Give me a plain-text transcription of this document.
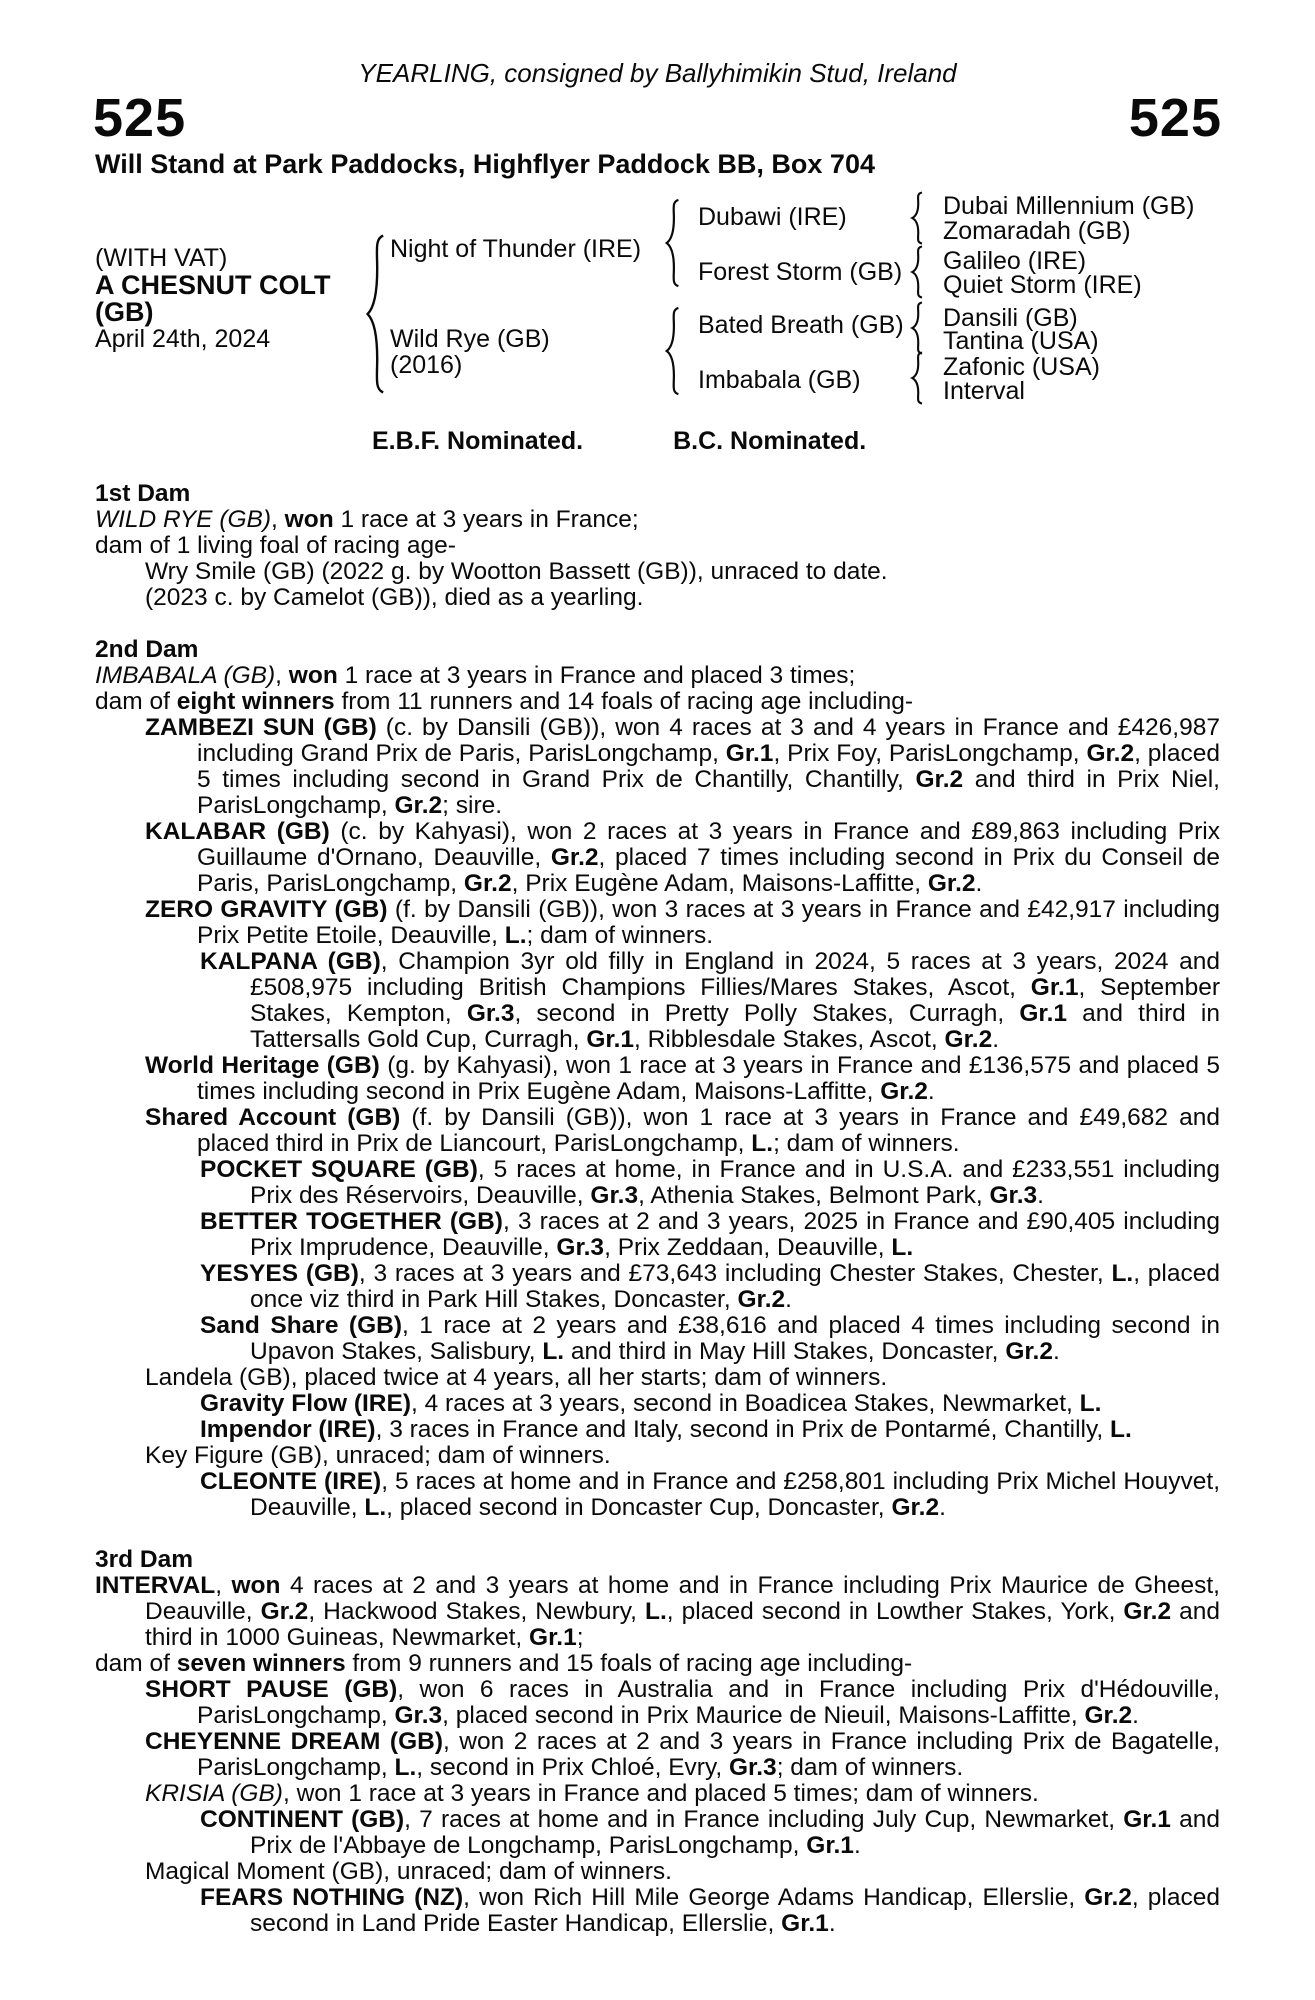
YEARLING, consigned by Ballyhimikin Stud, Ireland
525	525
Will Stand at Park Paddocks, Highflyer Paddock BB, Box 704
(WITH VAT)
A CHESNUT COLT
(GB)
April 24th, 2024
Night of Thunder (IRE)
Wild Rye (GB)
(2016)
Dubawi (IRE)
Forest Storm (GB)
Bated Breath (GB)
Imbabala (GB)
Dubai Millennium (GB)
Zomaradah (GB)
Galileo (IRE)
Quiet Storm (IRE)
Dansili (GB)
Tantina (USA)
Zafonic (USA)
Interval
E.B.F. Nominated.	B.C. Nominated.
1st Dam
WILD RYE (GB), won 1 race at 3 years in France;
dam of 1 living foal of racing age-
Wry Smile (GB) (2022 g. by Wootton Bassett (GB)), unraced to date.
(2023 c. by Camelot (GB)), died as a yearling.
2nd Dam
IMBABALA (GB), won 1 race at 3 years in France and placed 3 times;
dam of eight winners from 11 runners and 14 foals of racing age including-
ZAMBEZI SUN (GB) (c. by Dansili (GB)), won 4 races at 3 and 4 years in France and £426,987 including Grand Prix de Paris, ParisLongchamp, Gr.1, Prix Foy, ParisLongchamp, Gr.2, placed 5 times including second in Grand Prix de Chantilly, Chantilly, Gr.2 and third in Prix Niel, ParisLongchamp, Gr.2; sire.
KALABAR (GB) (c. by Kahyasi), won 2 races at 3 years in France and £89,863 including Prix Guillaume d'Ornano, Deauville, Gr.2, placed 7 times including second in Prix du Conseil de Paris, ParisLongchamp, Gr.2, Prix Eugène Adam, Maisons-Laffitte, Gr.2.
ZERO GRAVITY (GB) (f. by Dansili (GB)), won 3 races at 3 years in France and £42,917 including Prix Petite Etoile, Deauville, L.; dam of winners.
KALPANA (GB), Champion 3yr old filly in England in 2024, 5 races at 3 years, 2024 and £508,975 including British Champions Fillies/Mares Stakes, Ascot, Gr.1, September Stakes, Kempton, Gr.3, second in Pretty Polly Stakes, Curragh, Gr.1 and third in Tattersalls Gold Cup, Curragh, Gr.1, Ribblesdale Stakes, Ascot, Gr.2.
World Heritage (GB) (g. by Kahyasi), won 1 race at 3 years in France and £136,575 and placed 5 times including second in Prix Eugène Adam, Maisons-Laffitte, Gr.2.
Shared Account (GB) (f. by Dansili (GB)), won 1 race at 3 years in France and £49,682 and placed third in Prix de Liancourt, ParisLongchamp, L.; dam of winners.
POCKET SQUARE (GB), 5 races at home, in France and in U.S.A. and £233,551 including Prix des Réservoirs, Deauville, Gr.3, Athenia Stakes, Belmont Park, Gr.3.
BETTER TOGETHER (GB), 3 races at 2 and 3 years, 2025 in France and £90,405 including Prix Imprudence, Deauville, Gr.3, Prix Zeddaan, Deauville, L.
YESYES (GB), 3 races at 3 years and £73,643 including Chester Stakes, Chester, L., placed once viz third in Park Hill Stakes, Doncaster, Gr.2.
Sand Share (GB), 1 race at 2 years and £38,616 and placed 4 times including second in Upavon Stakes, Salisbury, L. and third in May Hill Stakes, Doncaster, Gr.2.
Landela (GB), placed twice at 4 years, all her starts; dam of winners.
Gravity Flow (IRE), 4 races at 3 years, second in Boadicea Stakes, Newmarket, L.
Impendor (IRE), 3 races in France and Italy, second in Prix de Pontarmé, Chantilly, L.
Key Figure (GB), unraced; dam of winners.
CLEONTE (IRE), 5 races at home and in France and £258,801 including Prix Michel Houyvet, Deauville, L., placed second in Doncaster Cup, Doncaster, Gr.2.
3rd Dam
INTERVAL, won 4 races at 2 and 3 years at home and in France including Prix Maurice de Gheest, Deauville, Gr.2, Hackwood Stakes, Newbury, L., placed second in Lowther Stakes, York, Gr.2 and third in 1000 Guineas, Newmarket, Gr.1;
dam of seven winners from 9 runners and 15 foals of racing age including-
SHORT PAUSE (GB), won 6 races in Australia and in France including Prix d'Hédouville, ParisLongchamp, Gr.3, placed second in Prix Maurice de Nieuil, Maisons-Laffitte, Gr.2.
CHEYENNE DREAM (GB), won 2 races at 2 and 3 years in France including Prix de Bagatelle, ParisLongchamp, L., second in Prix Chloé, Evry, Gr.3; dam of winners.
KRISIA (GB), won 1 race at 3 years in France and placed 5 times; dam of winners.
CONTINENT (GB), 7 races at home and in France including July Cup, Newmarket, Gr.1 and Prix de l'Abbaye de Longchamp, ParisLongchamp, Gr.1.
Magical Moment (GB), unraced; dam of winners.
FEARS NOTHING (NZ), won Rich Hill Mile George Adams Handicap, Ellerslie, Gr.2, placed second in Land Pride Easter Handicap, Ellerslie, Gr.1.
